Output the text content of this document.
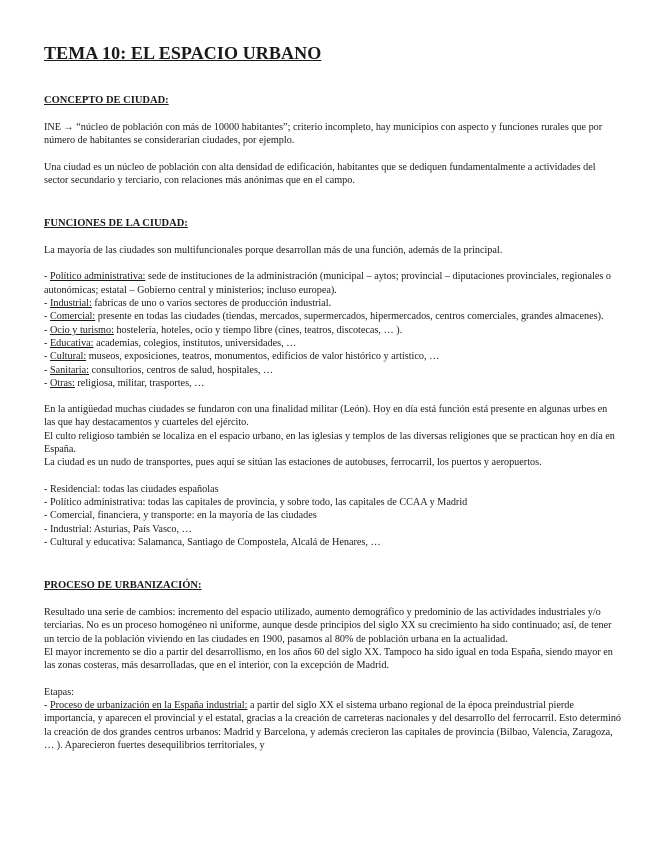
TEMA 10: EL ESPACIO URBANO
CONCEPTO DE CIUDAD:

INE → “núcleo de población con más de 10000 habitantes”; criterio incompleto, hay municipios con aspecto y funciones rurales que por número de habitantes se considerarían ciudades, por ejemplo.

Una ciudad es un núcleo de población con alta densidad de edificación, habitantes que se dediquen fundamentalmente a actividades del sector secundario y terciario, con relaciones más anónimas que en el campo.

FUNCIONES DE LA CIUDAD:

La mayoría de las ciudades son multifuncionales porque desarrollan más de una función, además de la principal.

- Político administrativa: sede de instituciones de la administración (municipal – aytos; provincial – diputaciones provinciales, regionales o autonómicas; estatal – Gobierno central y ministerios; incluso europea).
- Industrial: fabricas de uno o varios sectores de producción industrial.
- Comercial: presente en todas las ciudades (tiendas, mercados, supermercados, hipermercados, centros comerciales, grandes almacenes).
- Ocio y turismo: hostelería, hoteles, ocio y tiempo libre (cines, teatros, discotecas, … ).
- Educativa: academias, colegios, institutos, universidades, …
- Cultural: museos, exposiciones, teatros, monumentos, edificios de valor histórico y artístico, …
- Sanitaria: consultorios, centros de salud, hospitales, …
- Otras: religiosa, militar, trasportes, …

En la antigüedad muchas ciudades se fundaron con una finalidad militar (León). Hoy en día está función está presente en algunas urbes en las que hay destacamentos y cuarteles del ejército.

El culto religioso también se localiza en el espacio urbano, en las iglesias y templos de las diversas religiones que se practican hoy en día en España.

La ciudad es un nudo de transportes, pues aquí se sitúan las estaciones de autobuses, ferrocarril, los puertos y aeropuertos.

- Residencial: todas las ciudades españolas
- Político administrativa: todas las capitales de provincia, y sobre todo, las capitales de CCAA y Madrid
- Comercial, financiera, y transporte: en la mayoría de las ciudades
- Industrial: Asturias, País Vasco, …
- Cultural y educativa: Salamanca, Santiago de Compostela, Alcalá de Henares, …
PROCESO DE URBANIZACIÓN:

Resultado una serie de cambios: incremento del espacio utilizado, aumento demográfico y predominio de las actividades industriales y/o terciarias. No es un proceso homogéneo ni uniforme, aunque desde principios del siglo XX su crecimiento ha sido continuado; así, de tener un tercio de la población viviendo en las ciudades en 1900, pasamos al 80% de población urbana en la actualidad.

El mayor incremento se dio a partir del desarrollismo, en los años 60 del siglo XX. Tampoco ha sido igual en toda España, siendo mayor en las zonas costeras, más desarrolladas, que en el interior, con la excepción de Madrid.

Etapas:

- Proceso de urbanización en la España industrial: a partir del siglo XX el sistema urbano regional de la época preindustrial pierde importancia, y aparecen el provincial y el estatal, gracias a la creación de carreteras nacionales y del desarrollo del ferrocarril. Esto determinó la creación de dos grandes centros urbanos: Madrid y Barcelona, y además crecieron las capitales de provincia (Bilbao, Valencia, Zaragoza, … ). Aparecieron fuertes desequilibrios territoriales, y
